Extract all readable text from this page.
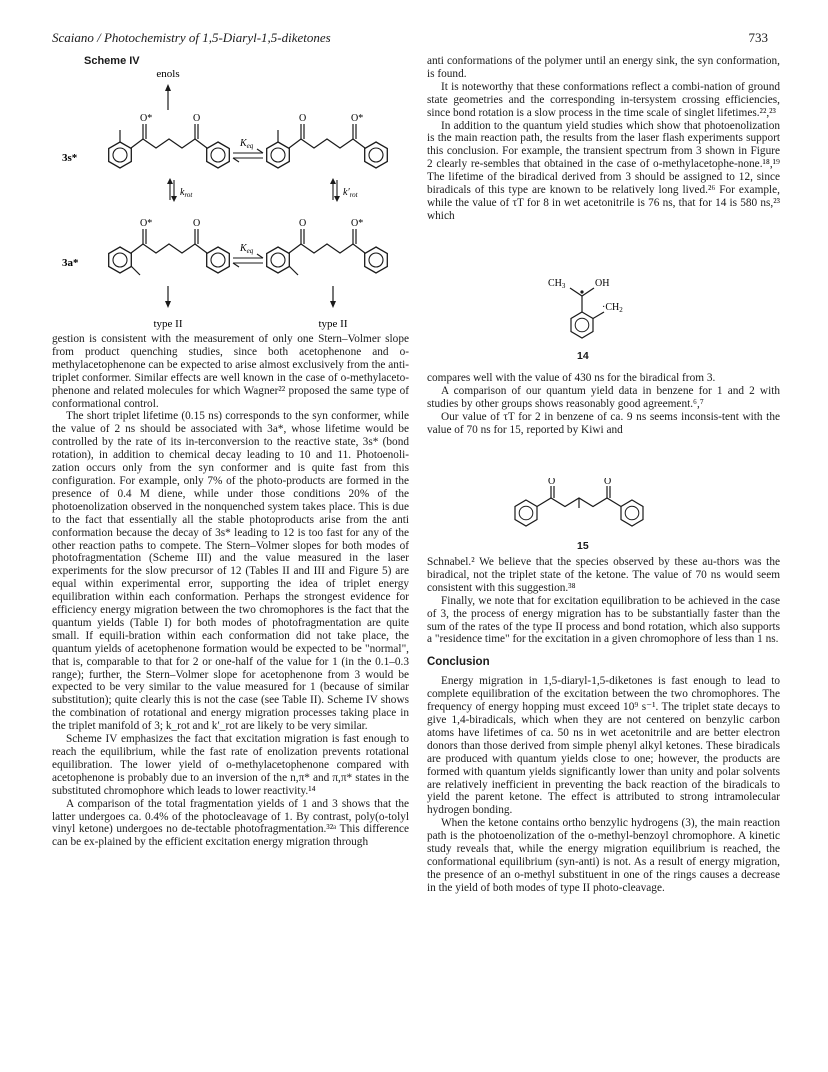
Scaiano / Photochemistry of 1,5-Diaryl-1,5-diketones	733
Scheme IV
enols
3s*
O*	O
$K_{eq}$
O	O*
$k_{rot}$	$k'_{rot}$
3a*
O*	O
$K_{eq}$
O	O*
type II	type II

gestion is consistent with the measurement of only one Stern–Volmer slope from product quenching studies, since both acetophenone and o-methylacetophenone can be expected to arise almost exclusively from the anti-triplet conformer. Similar effects are well known in the case of o-methylaceto-phenone and related molecules for which Wagner²² proposed the same type of conformational control.

The short triplet lifetime (0.15 ns) corresponds to the syn conformer, while the value of 2 ns should be associated with 3a*, whose lifetime would be controlled by the rate of its in-terconversion to the reactive state, 3s* (bond rotation), in addition to chemical decay leading to 10 and 11. Photoenoli-zation occurs only from the syn conformer and is quite fast from this configuration. For example, only 7% of the photo-products are formed in the presence of 0.4 M diene, while under those conditions 20% of the photoenolization observed in the nonquenched system takes place. This is due to the fact that essentially all the stable photoproducts arise from the anti conformation because the decay of 3s* leading to 12 is too fast for any of the other reaction paths to compete. The Stern–Volmer slopes for both modes of photofragmentation (Scheme III) and the value measured in the laser experiments for the slow precursor of 12 (Tables II and III and Figure 5) are equal within experimental error, supporting the idea of triplet energy equilibration within each conformation. Perhaps the strongest evidence for efficiency energy migration between the two chromophores is the fact that the quantum yields (Table I) for both modes of photofragmentation are quite small. If equili-bration within each conformation did not take place, the quantum yields of acetophenone formation would be expected to be "normal", that is, comparable to that for 2 or one-half of the value for 1 (in the 0.1–0.3 range); further, the Stern–Volmer slope for acetophenone from 3 would be expected to be very similar to the value measured for 1 (because of similar substitution); quite clearly this is not the case (see Table II). Scheme IV shows the combination of rotational and energy migration processes taking place in the triplet manifold of 3; k_rot and k′_rot are likely to be very similar.

Scheme IV emphasizes the fact that excitation migration is fast enough to reach the equilibrium, while the fast rate of enolization prevents rotational equilibration. The lower yield of o-methylacetophenone compared with acetophenone is probably due to an inversion of the n,π* and π,π* states in the substituted chromophore which leads to lower reactivity.¹⁴

A comparison of the total fragmentation yields of 1 and 3 shows that the latter undergoes ca. 0.4% of the photocleavage of 1. By contrast, poly(o-tolyl vinyl ketone) undergoes no de-tectable photofragmentation.³²ᵃ This difference can be ex-plained by the efficient excitation energy migration through

anti conformations of the polymer until an energy sink, the syn conformation, is found.

It is noteworthy that these conformations reflect a combi-nation of ground state geometries and the corresponding in-tersystem crossing efficiencies, since bond rotation is a slow process in the time scale of singlet lifetimes.²²,²³

In addition to the quantum yield studies which show that photoenolization is the main reaction path, the results from the laser flash experiments support this conclusion. For example, the transient spectrum from 3 shown in Figure 2 clearly re-sembles that obtained in the case of o-methylacetophe-none.¹⁸,¹⁹ The lifetime of the biradical derived from 3 should be assigned to 12, since biradicals of this type are known to be relatively long lived.²⁶ For example, while the value of τT for 8 in wet acetonitrile is 76 ns, that for 14 is 580 ns,²³ which

$CH_3$	OH
$\cdot CH_2$
14

compares well with the value of 430 ns for the biradical from 3.

A comparison of our quantum yield data in benzene for 1 and 2 with studies by other groups shows reasonably good agreement.⁶,⁷

Our value of τT for 2 in benzene of ca. 9 ns seems inconsis-tent with the value of 70 ns for 15, reported by Kiwi and

O	O
15

Schnabel.² We believe that the species observed by these au-thors was the biradical, not the triplet state of the ketone. The value of 70 ns would seem consistent with this suggestion.³⁸

Finally, we note that for excitation equilibration to be achieved in the case of 3, the process of energy migration has to be substantially faster than the sum of the rates of the type II process and bond rotation, which also supports a "residence time" for the excitation in a given chromophore of less than 1 ns.

Conclusion

Energy migration in 1,5-diaryl-1,5-diketones is fast enough to lead to complete equilibration of the excitation between the two chromophores. The frequency of energy hopping must exceed 10⁹ s⁻¹. The triplet state decays to give 1,4-biradicals, which when they are not centered on benzylic carbon atoms have lifetimes of ca. 50 ns in wet acetonitrile and are better electron donors than those derived from simple phenyl alkyl ketones. These biradicals are produced with quantum yields close to one; however, the products are formed with quantum yields significantly lower than unity and polar solvents are relatively inefficient in preventing the back reaction of the biradicals to yield the parent ketone. The effect is attributed to strong intramolecular hydrogen bonding.

When the ketone contains ortho benzylic hydrogens (3), the main reaction path is the photoenolization of the o-methyl-benzoyl chromophore. A kinetic study reveals that, while the energy migration equilibrium is reached, the conformational equilibrium (syn-anti) is not. As a result of energy migration, the presence of an o-methyl substituent in one of the rings causes a decrease in the yield of both modes of type II photo-cleavage.
